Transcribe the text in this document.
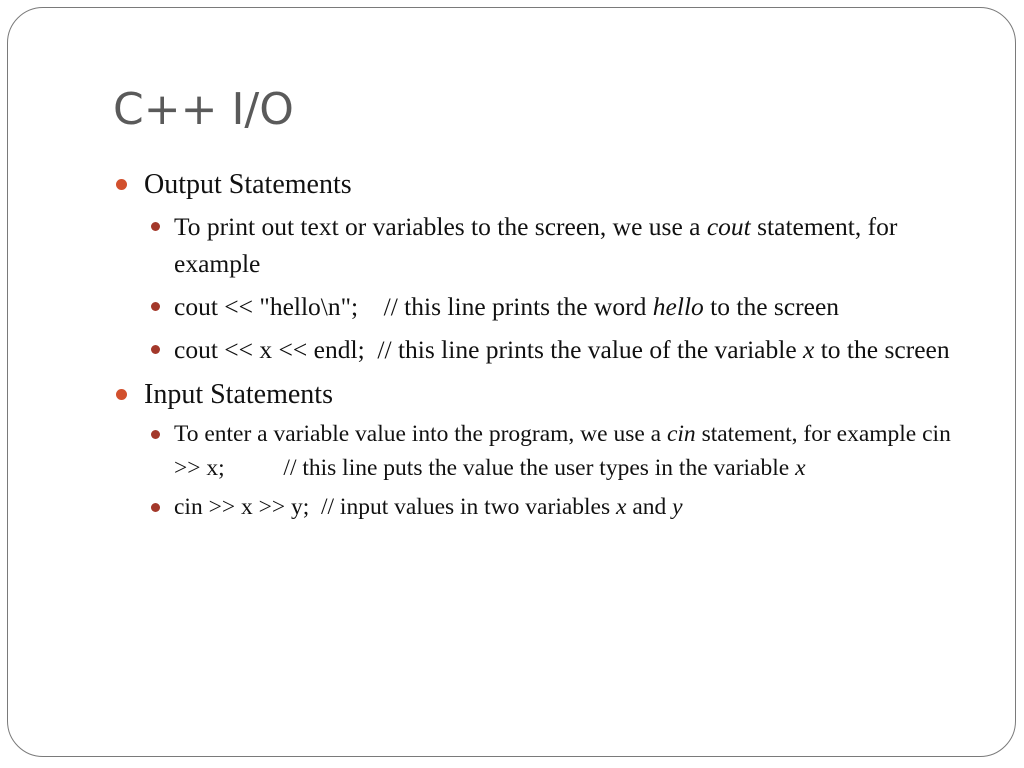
C++ I/O
Output Statements
To print out text or variables to the screen, we use a cout statement, for example
cout << "hello\n";    // this line prints the word hello to the screen
cout << x << endl;  // this line prints the value of the variable x to the screen
Input Statements
To enter a variable value into the program, we use a cin statement, for example cin >> x;          // this line puts the value the user types in the variable x
cin >> x >> y;  // input values in two variables x and y
